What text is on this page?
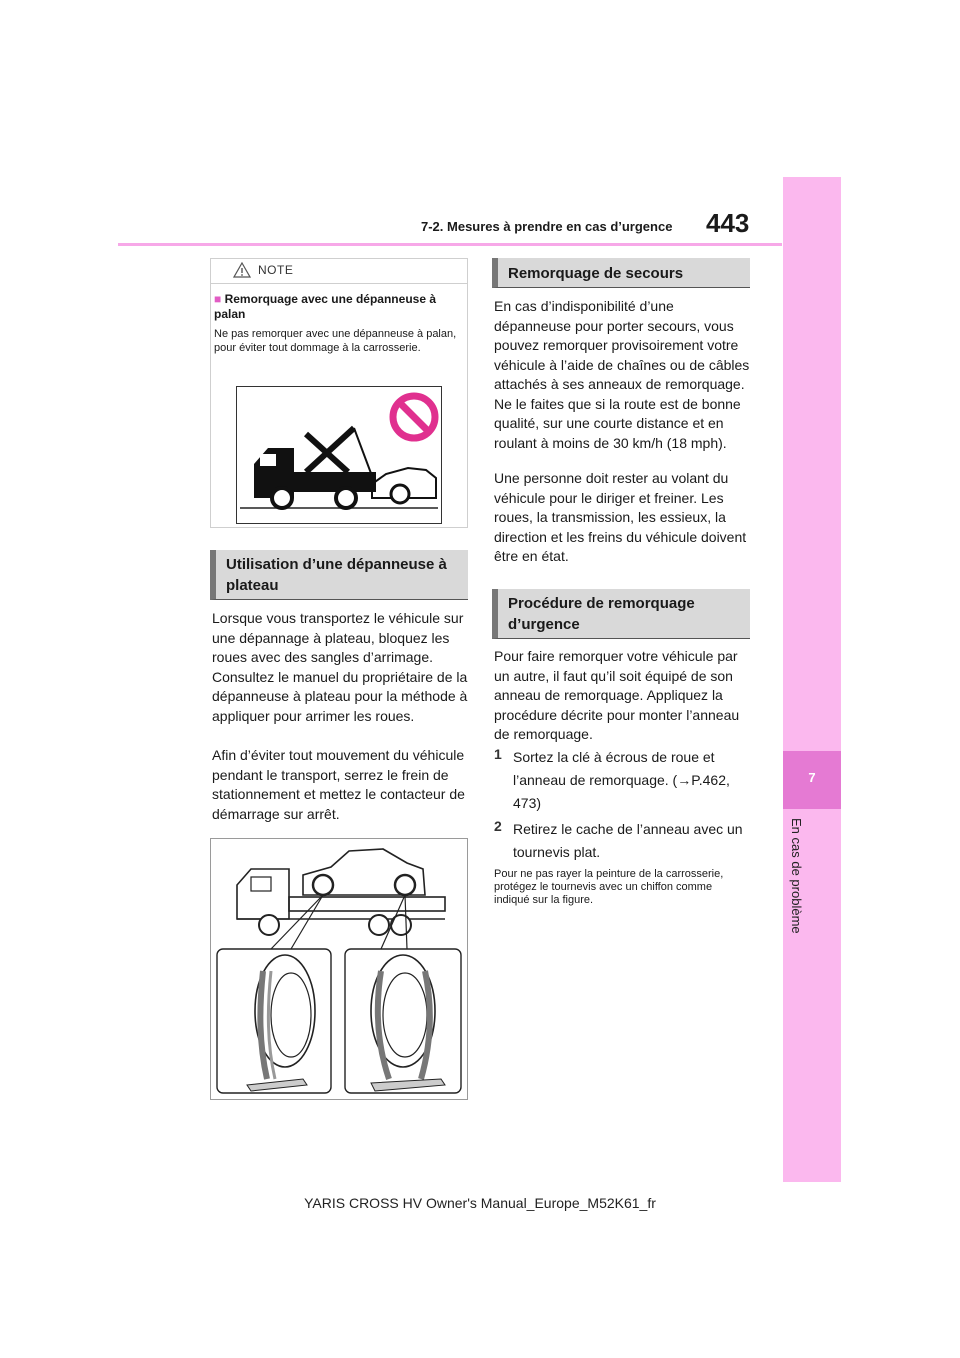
7-2. Mesures à prendre en cas d’urgence 443
7
En cas de problème
NOTE
■ Remorquage avec une dépanneuse à palan
Ne pas remorquer avec une dépanneuse à palan, pour éviter tout dommage à la carrosserie.
Utilisation d’une dépanneuse à plateau
Lorsque vous transportez le véhicule sur une dépannage à plateau, bloquez les roues avec des sangles d’arrimage. Consultez le manuel du propriétaire de la dépanneuse à plateau pour la méthode à appliquer pour arrimer les roues.
Afin d’éviter tout mouvement du véhicule pendant le transport, serrez le frein de stationnement et mettez le contacteur de démarrage sur arrêt.
Remorquage de secours
En cas d’indisponibilité d’une dépanneuse pour porter secours, vous pouvez remorquer provisoirement votre véhicule à l’aide de chaînes ou de câbles attachés à ses anneaux de remorquage. Ne le faites que si la route est de bonne qualité, sur une courte distance et en roulant à moins de 30 km/h (18 mph).
Une personne doit rester au volant du véhicule pour le diriger et freiner. Les roues, la transmission, les essieux, la direction et les freins du véhicule doivent être en état.
Procédure de remorquage d’urgence
Pour faire remorquer votre véhicule par un autre, il faut qu’il soit équipé de son anneau de remorquage. Appliquez la procédure décrite pour monter l’anneau de remorquage.
1 Sortez la clé à écrous de roue et l’anneau de remorquage. (→P.462, 473)
2 Retirez le cache de l’anneau avec un tournevis plat.
Pour ne pas rayer la peinture de la carrosserie, protégez le tournevis avec un chiffon comme indiqué sur la figure.
YARIS CROSS HV Owner's Manual_Europe_M52K61_fr
